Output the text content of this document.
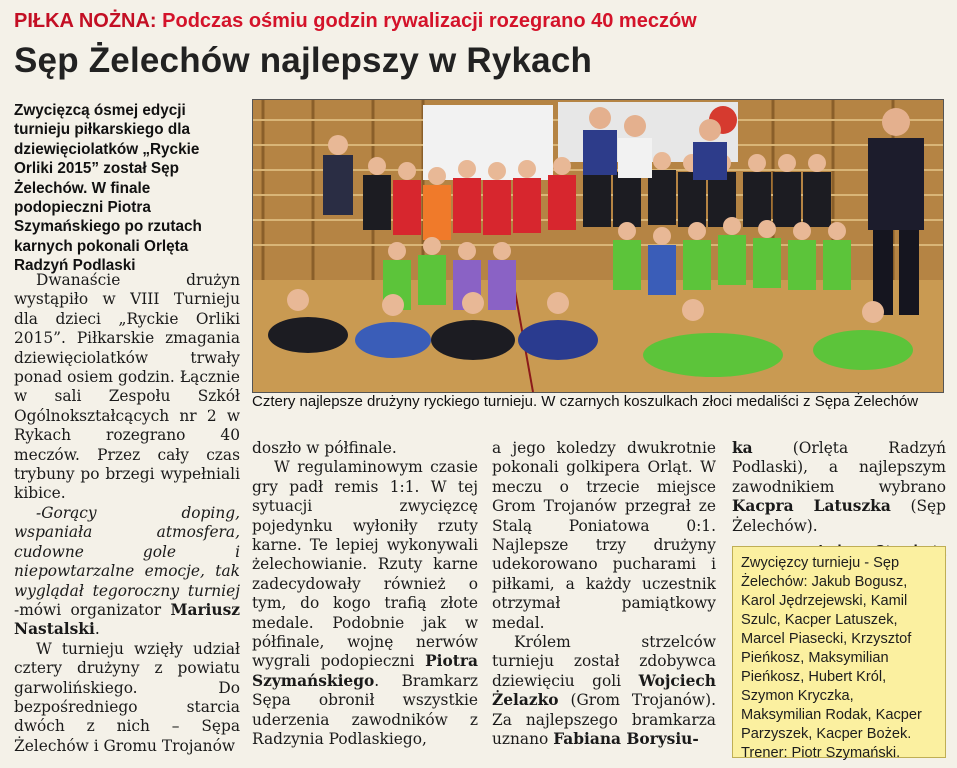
PIŁKA NOŻNA: Podczas ośmiu godzin rywalizacji rozegrano 40 meczów
Sęp Żelechów najlepszy w Rykach

Zwycięzcą ósmej edycji turnieju piłkarskiego dla dziewięciolatków „Ryckie Orliki 2015” został Sęp Żelechów. W finale podopieczni Piotra Szymańskiego po rzutach karnych pokonali Orlęta Radzyń Podlaski

Cztery najlepsze drużyny ryckiego turnieju. W czarnych koszulkach złoci medaliści z Sępa Żelechów

Dwanaście drużyn wystąpiło w VIII Turnieju dla dzieci „Ryckie Orliki 2015”. Piłkarskie zmagania dziewięciolatków trwały ponad osiem godzin. Łącznie w sali Zespołu Szkół Ogólnokształcących nr 2 w Rykach rozegrano 40 meczów. Przez cały czas trybuny po brzegi wypełniali kibice.

-Gorący doping, wspaniała atmosfera, cudowne gole i niepowtarzalne emocje, tak wyglądał tegoroczny turniej -mówi organizator Mariusz Nastalski.

W turnieju wzięły udział cztery drużyny z powiatu garwolińskiego. Do bezpośredniego starcia dwóch z nich – Sępa Żelechów i Gromu Trojanów

doszło w półfinale.

W regulaminowym czasie gry padł remis 1:1. W tej sytuacji zwycięzcę pojedynku wyłoniły rzuty karne. Te lepiej wykonywali żelechowianie. Rzuty karne zadecydowały również o tym, do kogo trafią złote medale. Podobnie jak w półfinale, wojnę nerwów wygrali podopieczni Piotra Szymańskiego. Bramkarz Sępa obronił wszystkie uderzenia zawodników z Radzynia Podlaskiego,

a jego koledzy dwukrotnie pokonali golkipera Orląt. W meczu o trzecie miejsce Grom Trojanów przegrał ze Stalą Poniatowa 0:1. Najlepsze trzy drużyny udekorowano pucharami i piłkami, a każdy uczestnik otrzymał pamiątkowy medal.

Królem strzelców turnieju został zdobywca dziewięciu goli Wojciech Żelazko (Grom Trojanów). Za najlepszego bramkarza uznano Fabiana Borysiu-

ka (Orlęta Radzyń Podlaski), a najlepszym zawodnikiem wybrano Kacpra Latuszka (Sęp Żelechów).

Zwycięzcy turnieju - Sęp Żelechów: Jakub Bogusz, Karol Jędrzejewski, Kamil Szulc, Kacper Latuszek, Marcel Piasecki, Krzysztof Pieńkosz, Maksymilian Pieńkosz, Hubert Król, Szymon Kryczka, Maksymilian Rodak, Kacper Parzyszek, Kacper Bożek. Trener: Piotr Szymański.
